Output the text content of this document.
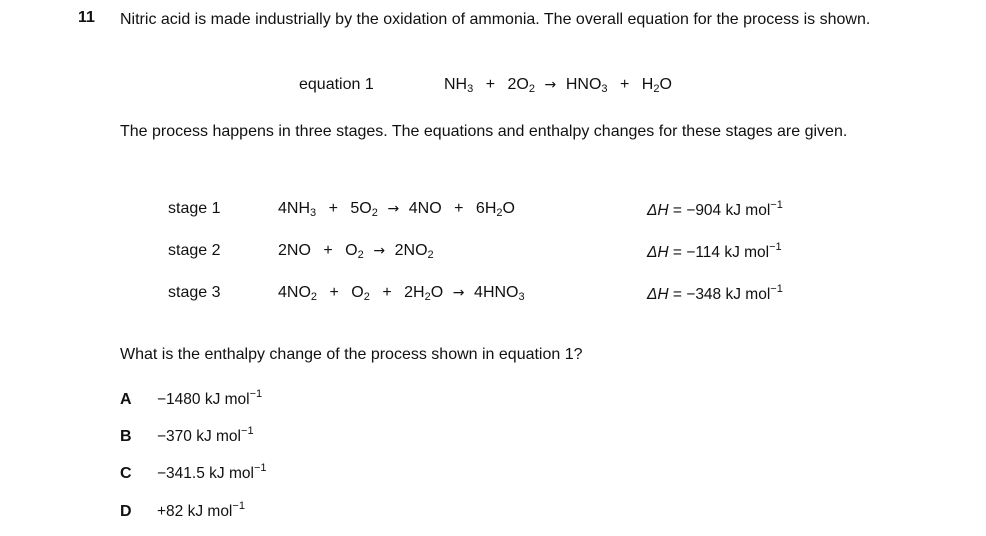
11 Nitric acid is made industrially by the oxidation of ammonia. The overall equation for the process is shown.
equation 1	$NH_3 + 2O_2 \to HNO_3 + H_2O$
The process happens in three stages. The equations and enthalpy changes for these stages are given.
stage 1	$4NH_3 + 5O_2 \to 4NO + 6H_2O$	ΔH = −904 kJ mol$^{-1}$
stage 2	$2NO + O_2 \to 2NO_2$	ΔH = −114 kJ mol$^{-1}$
stage 3	$4NO_2 + O_2 + 2H_2O \to 4HNO_3$	ΔH = −348 kJ mol$^{-1}$
What is the enthalpy change of the process shown in equation 1?
A −1480 kJ mol$^{-1}$
B −370 kJ mol$^{-1}$
C −341.5 kJ mol$^{-1}$
D +82 kJ mol$^{-1}$
